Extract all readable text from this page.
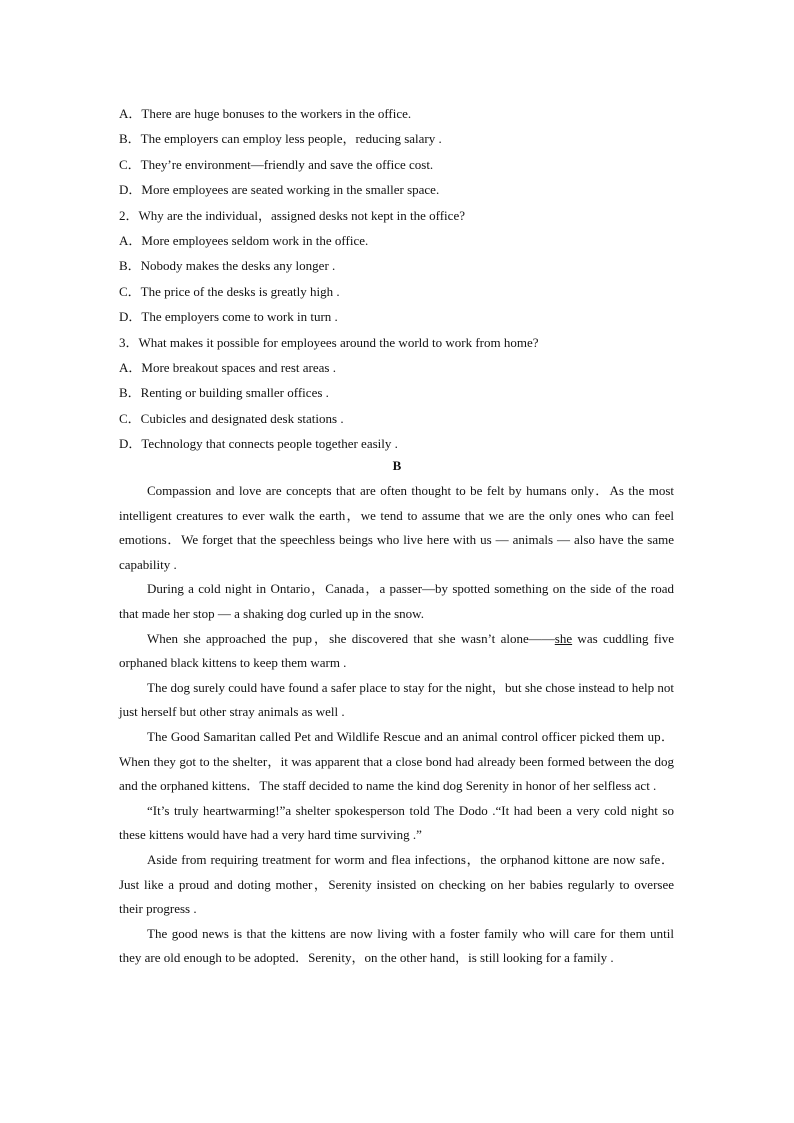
A．There are huge bonuses to the workers in the office.
B．The employers can employ less people，reducing salary .
C．They’re environment—friendly and save the office cost.
D．More employees are seated working in the smaller space.
2．Why are the individual，assigned desks not kept in the office?
A．More employees seldom work in the office.
B．Nobody makes the desks any longer .
C．The price of the desks is greatly high .
D．The employers come to work in turn .
3．What makes it possible for employees around the world to work from home?
A．More breakout spaces and rest areas .
B．Renting or building smaller offices .
C．Cubicles and designated desk stations .
D．Technology that connects people together easily .
B

Compassion and love are concepts that are often thought to be felt by humans only．As the most intelligent creatures to ever walk the earth，we tend to assume that we are the only ones who can feel emotions．We forget that the speechless beings who live here with us — animals — also have the same capability .

During a cold night in Ontario，Canada，a passer—by spotted something on the side of the road that made her stop — a shaking dog curled up in the snow.

When she approached the pup，she discovered that she wasn’t alone——she was cuddling five orphaned black kittens to keep them warm .

The dog surely could have found a safer place to stay for the night，but she chose instead to help not just herself but other stray animals as well .

The Good Samaritan called Pet and Wildlife Rescue and an animal control officer picked them up．When they got to the shelter，it was apparent that a close bond had already been formed between the dog and the orphaned kittens．The staff decided to name the kind dog Serenity in honor of her selfless act .

“It’s truly heartwarming!”a shelter spokesperson told The Dodo .“It had been a very cold night so these kittens would have had a very hard time surviving .”

Aside from requiring treatment for worm and flea infections，the orphanod kittone are now safe．Just like a proud and doting mother，Serenity insisted on checking on her babies regularly to oversee their progress .

The good news is that the kittens are now living with a foster family who will care for them until they are old enough to be adopted．Serenity，on the other hand，is still looking for a family .
